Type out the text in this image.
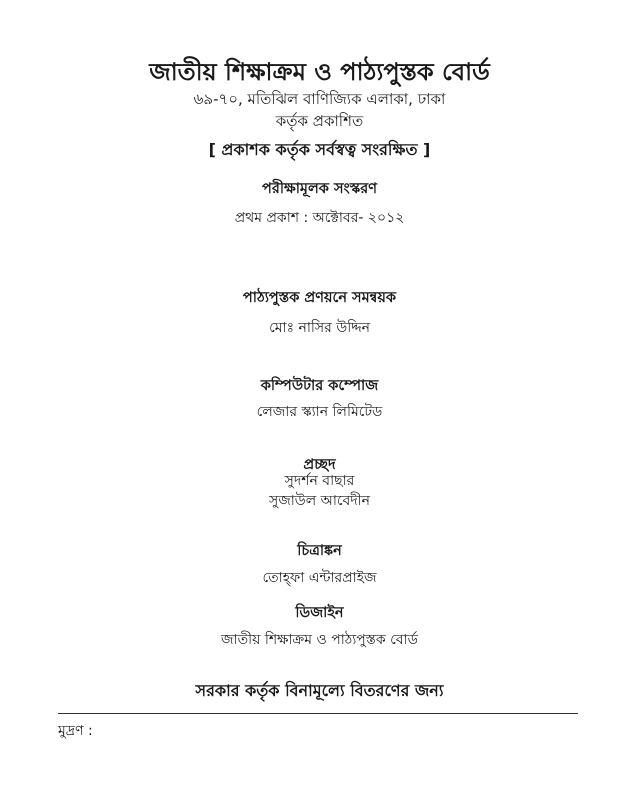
জাতীয় শিক্ষাক্রম ও পাঠ্যপুস্তক বোর্ড
৬৯-৭০, মতিঝিল বাণিজ্যিক এলাকা, ঢাকা
কর্তৃক প্রকাশিত
[ প্রকাশক কর্তৃক সর্বস্বত্ব সংরক্ষিত ]
পরীক্ষামূলক সংস্করণ
প্রথম প্রকাশ : অক্টোবর- ২০১২
পাঠ্যপুস্তক প্রণয়নে সমন্বয়ক
মোঃ নাসির উদ্দিন
কম্পিউটার কম্পোজ
লেজার স্ক্যান লিমিটেড
প্রচ্ছদ
সুদর্শন বাছার
সুজাউল আবেদীন
চিত্রাঙ্কন
তোহ্ফা এন্টারপ্রাইজ
ডিজাইন
জাতীয় শিক্ষাক্রম ও পাঠ্যপুস্তক বোর্ড
সরকার কর্তৃক বিনামূল্যে বিতরণের জন্য
মুদ্রণ :
